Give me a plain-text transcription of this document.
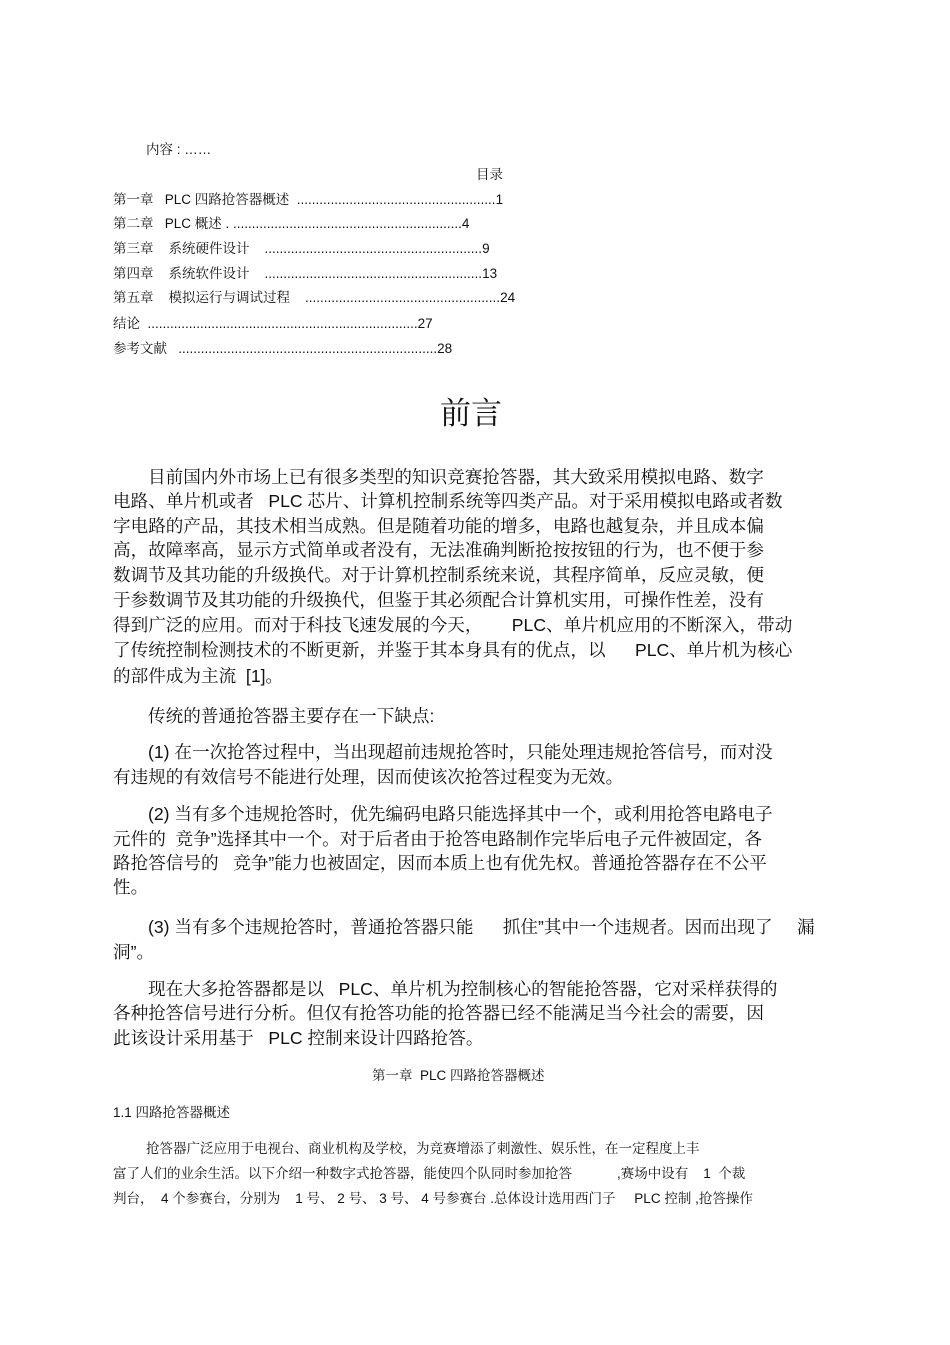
内容 : ……
目录
第一章   PLC 四路抢答器概述  .....................................................1
第二章   PLC 概述 . .............................................................4
第三章    系统硬件设计    ..........................................................9
第四章    系统软件设计    ..........................................................13
第五章    模拟运行与调试过程    ....................................................24
结论  ........................................................................27
参考文献   .....................................................................28
前言
目前国内外市场上已有很多类型的知识竞赛抢答器，其大致采用模拟电路、数字
电路、单片机或者   PLC 芯片、计算机控制系统等四类产品。对于采用模拟电路或者数
字电路的产品，其技术相当成熟。但是随着功能的增多，电路也越复杂，并且成本偏
高，故障率高，显示方式简单或者没有，无法准确判断抢按按钮的行为，也不便于参
数调节及其功能的升级换代。对于计算机控制系统来说，其程序简单，反应灵敏，便
于参数调节及其功能的升级换代，但鉴于其必须配合计算机实用，可操作性差，没有
得到广泛的应用。而对于科技飞速发展的今天，      PLC、单片机应用的不断深入，带动
了传统控制检测技术的不断更新，并鉴于其本身具有的优点，以      PLC、单片机为核心
的部件成为主流  [1]。
传统的普通抢答器主要存在一下缺点:
(1) 在一次抢答过程中，当出现超前违规抢答时，只能处理违规抢答信号，而对没
有违规的有效信号不能进行处理，因而使该次抢答过程变为无效。
(2) 当有多个违规抢答时，优先编码电路只能选择其中一个，或利用抢答电路电子
元件的  竞争”选择其中一个。对于后者由于抢答电路制作完毕后电子元件被固定，各
路抢答信号的   竞争”能力也被固定，因而本质上也有优先权。普通抢答器存在不公平
性。
(3) 当有多个违规抢答时，普通抢答器只能      抓住”其中一个违规者。因而出现了     漏
洞”。
现在大多抢答器都是以   PLC、单片机为控制核心的智能抢答器，它对采样获得的
各种抢答信号进行分析。但仅有抢答功能的抢答器已经不能满足当今社会的需要，因
此该设计采用基于   PLC 控制来设计四路抢答。
第一章  PLC 四路抢答器概述
1.1 四路抢答器概述
抢答器广泛应用于电视台、商业机构及学校，为竞赛增添了刺激性、娱乐性，在一定程度上丰
富了人们的业余生活。以下介绍一种数字式抢答器，能使四个队同时参加抢答            ,赛场中设有    1  个裁
判台，  4 个参赛台，分别为    1 号、 2 号、 3 号、 4 号参赛台 .总体设计选用西门子     PLC 控制 ,抢答操作
